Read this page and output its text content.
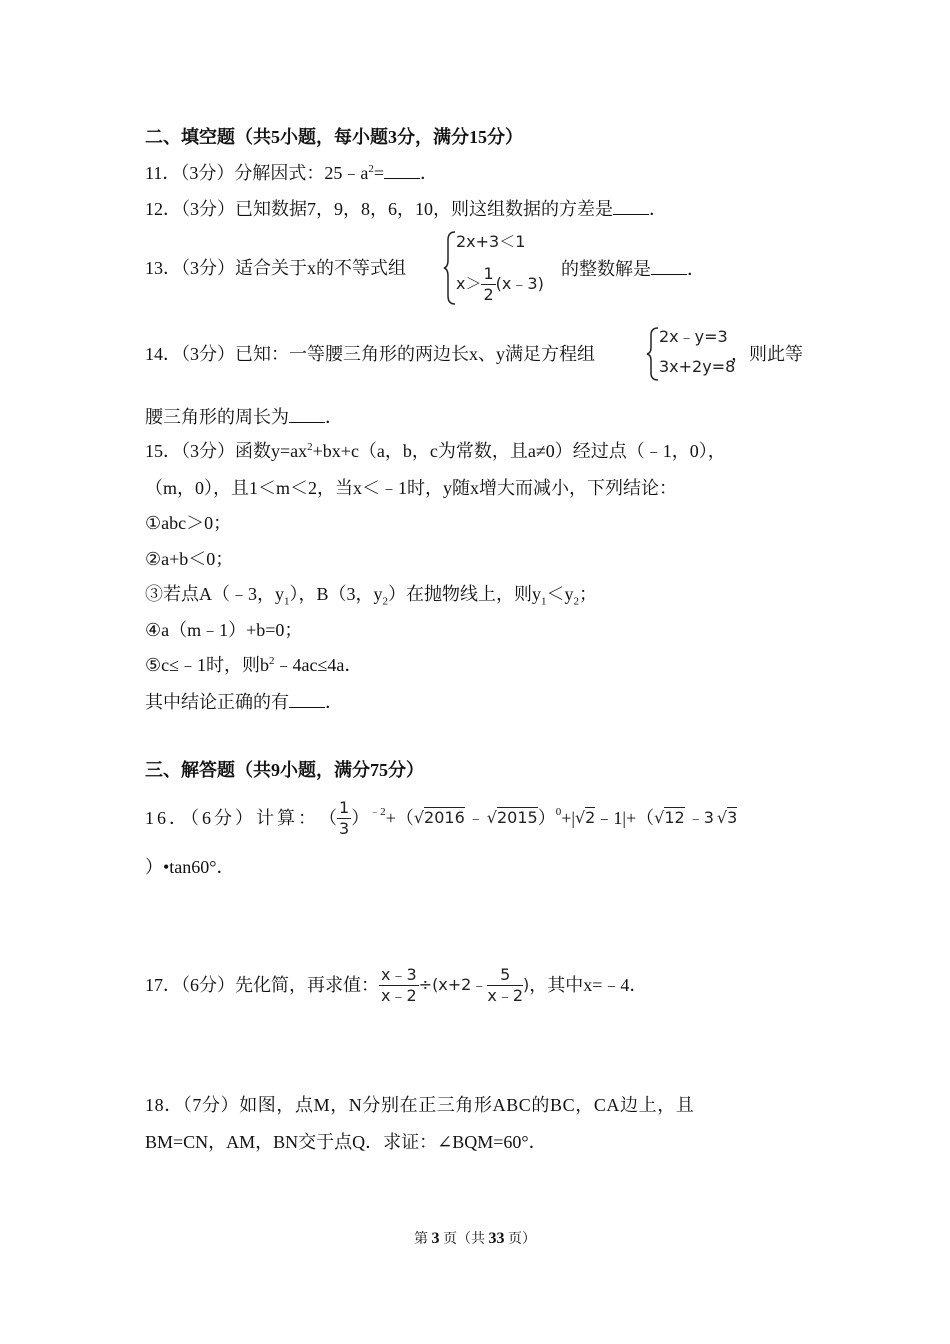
二、填空题（共5小题，每小题3分，满分15分）
11．（3分）分解因式：$25﹣a^2=$ ．
12．（3分）已知数据7，9，8，6，10，则这组数据的方差是 ．
13．（3分）适合关于x的不等式组
2x+3＜1
$x> \frac{1}{2}$ (x﹣3)
的整数解是 ．
14．（3分）已知：一等腰三角形的两边长x、y满足方程组
2x﹣y=3
3x+2y=8
，则此等
腰三角形的周长为 ．
15．（3分）函数$y=ax^2+bx+c(a$，b，c为常数，且a≠0）经过点（﹣1，0），
（m，0），且1＜m＜2，当x＜﹣1时，y随x增大而减小，下列结论：
①abc＞0；
②a+b＜0；
③若点A（﹣3，$y_1$），B（3，$y_2$）在抛物线上，则$y_1<y_2$；
④a（m﹣1）+b=0；
⑤c≤﹣1时，则$b^2﹣4ac\le 4a$．
其中结论正确的有 ．
三、解答题（共9小题，满分75分）
16．（6分）计算： （ $\frac{1}{3} )^{﹣2}$ +（ √2016 ﹣ √2015 ）$^0$ +| √2 ﹣1|+（ √12 ﹣3 √3
）•tan60°．
17．（6分）先化简，再求值： $\frac{x﹣3}{x﹣2}$ ÷(x+2﹣ $\frac{5}{x﹣2}$ ) ，其中x=﹣4．
18．（7分）如图，点M，N分别在正三角形ABC的BC，CA边上，且
BM=CN，AM，BN交于点Q．求证：∠BQM=60°．
第 3 页（共 33 页）
